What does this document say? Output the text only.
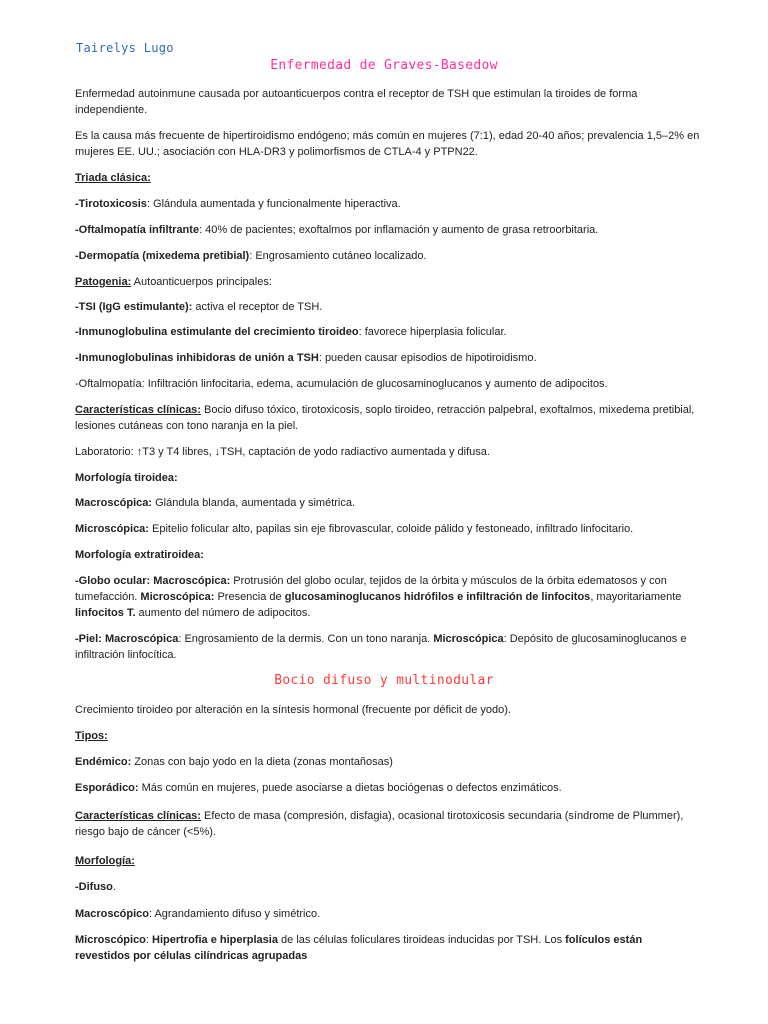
Tairelys Lugo
Enfermedad de Graves-Basedow

Enfermedad autoinmune causada por autoanticuerpos contra el receptor de TSH que estimulan la tiroides de forma independiente.

Es la causa más frecuente de hipertiroidismo endógeno; más común en mujeres (7:1), edad 20-40 años; prevalencia 1,5–2% en mujeres EE. UU.; asociación con HLA-DR3 y polimorfismos de CTLA-4 y PTPN22.

Triada clásica:

-Tirotoxicosis: Glándula aumentada y funcionalmente hiperactiva.

-Oftalmopatía infiltrante: 40% de pacientes; exoftalmos por inflamación y aumento de grasa retroorbitaria.

-Dermopatía (mixedema pretibial): Engrosamiento cutáneo localizado.

Patogenia: Autoanticuerpos principales:

-TSI (IgG estimulante): activa el receptor de TSH.

-Inmunoglobulina estimulante del crecimiento tiroideo: favorece hiperplasia folicular.

-Inmunoglobulinas inhibidoras de unión a TSH: pueden causar episodios de hipotiroidismo.

-Oftalmopatía: Infiltración linfocitaria, edema, acumulación de glucosaminoglucanos y aumento de adipocitos.

Características clínicas: Bocio difuso tóxico, tirotoxicosis, soplo tiroideo, retracción palpebral, exoftalmos, mixedema pretibial, lesiones cutáneas con tono naranja en la piel.

Laboratorio: ↑T3 y T4 libres, ↓TSH, captación de yodo radiactivo aumentada y difusa.

Morfología tiroidea:

Macroscópica: Glándula blanda, aumentada y simétrica.

Microscópica: Epitelio folicular alto, papilas sin eje fibrovascular, coloide pálido y festoneado, infiltrado linfocitario.

Morfología extratiroidea:

-Globo ocular: Macroscópica: Protrusión del globo ocular, tejidos de la órbita y músculos de la órbita edematosos y con tumefacción. Microscópica: Presencia de glucosaminoglucanos hidrófilos e infiltración de linfocitos, mayoritariamente linfocitos T. aumento del número de adipocitos.

-Piel: Macroscópica: Engrosamiento de la dermis. Con un tono naranja. Microscópica: Depósito de glucosaminoglucanos e infiltración linfocítica.

Bocio difuso y multinodular

Crecimiento tiroideo por alteración en la síntesis hormonal (frecuente por déficit de yodo).

Tipos:

Endémico: Zonas con bajo yodo en la dieta (zonas montañosas)

Esporádico: Más común en mujeres, puede asociarse a dietas bociógenas o defectos enzimáticos.

Características clínicas: Efecto de masa (compresión, disfagia), ocasional tirotoxicosis secundaria (síndrome de Plummer), riesgo bajo de cáncer (<5%).

Morfología:

-Difuso.

Macroscópico: Agrandamiento difuso y simétrico.

Microscópico: Hipertrofia e hiperplasia de las células foliculares tiroideas inducidas por TSH. Los folículos están revestidos por células cilíndricas agrupadas
